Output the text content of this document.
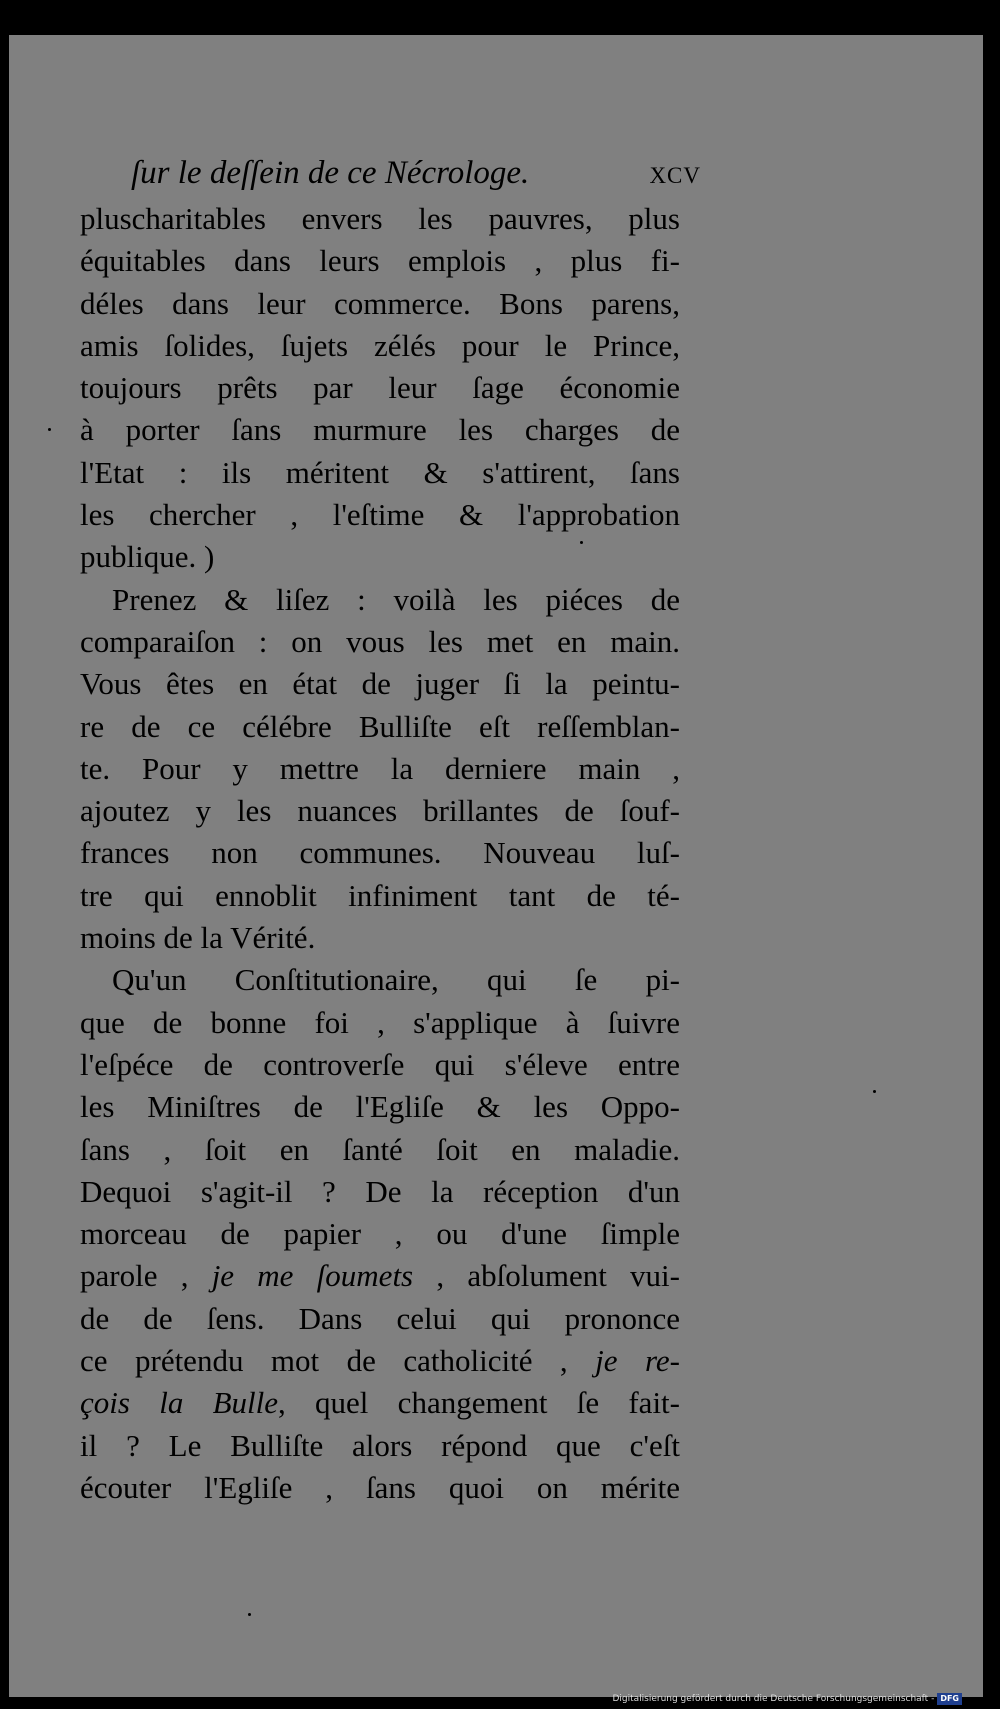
ſur le deſſein de ce Nécrologe.	xcv
pluscharitables envers les pauvres, plus
équitables dans leurs emplois , plus fi-
déles dans leur commerce. Bons parens,
amis ſolides, ſujets zélés pour le Prince,
toujours prêts par leur ſage économie
à porter ſans murmure les charges de
l'Etat : ils méritent & s'attirent, ſans
les chercher , l'eſtime & l'approbation
publique. )
Prenez & liſez : voilà les piéces de
comparaiſon : on vous les met en main.
Vous êtes en état de juger ſi la peintu-
re de ce célébre Bulliſte eſt reſſemblan-
te. Pour y mettre la derniere main ,
ajoutez y les nuances brillantes de ſouf-
frances non communes. Nouveau luſ-
tre qui ennoblit infiniment tant de té-
moins de la Vérité.
Qu'un Conſtitutionaire, qui ſe pi-
que de bonne foi , s'applique à ſuivre
l'eſpéce de controverſe qui s'éleve entre
les Miniſtres de l'Egliſe & les Oppo-
ſans , ſoit en ſanté ſoit en maladie.
Dequoi s'agit-il ? De la réception d'un
morceau de papier , ou d'une ſimple
parole , je me ſoumets , abſolument vui-
de de ſens. Dans celui qui prononce
ce prétendu mot de catholicité , je re-
çois la Bulle, quel changement ſe fait-
il ? Le Bulliſte alors répond que c'eſt
écouter l'Egliſe , ſans quoi on mérite
Digitalisierung gefördert durch die Deutsche Forschungsgemeinschaft - DFG
